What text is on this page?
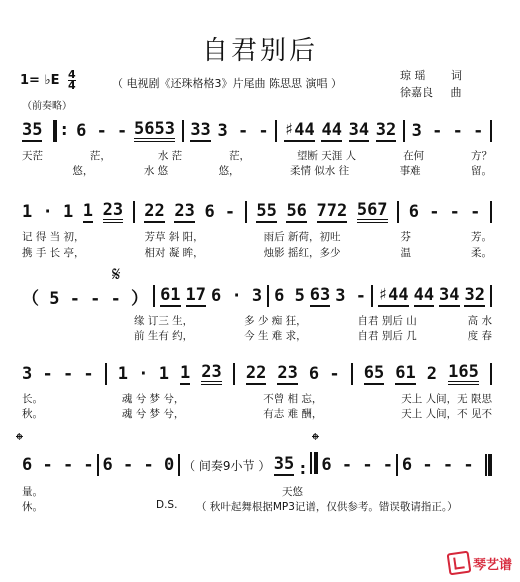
自君别后
1= ♭E $\frac{4}{4}$	（ 电视剧《还珠格格3》片尾曲 陈思思 演唱 ）
琼 瑶 词
徐嘉良 曲
（前奏略）
35 : 6 - - 5653 33 3 - - ♯44 44 34 32 3 - - -
天茫	茫，	水 茫	茫，	望断 天涯 人	在何	方？
悠，	水 悠	悠，	柔情 似水 往	事难	留。
1 · 1 1 23 22 23 6 - 55 56 772 567 6 - - -
记 得 当 初，	芳草 斜 阳，	雨后 新荷，初吐	芬	芳。
携 手 长 亭，	相对 凝 眸，	烛影 摇红，多少	温	柔。
𝄋
（ 5 - - - ） 61 17 6 · 3 6 5 63 3 - ♯44 44 34 32
缘 订三 生，	多 少 痴 狂，	自君 别后 山	高 水
前 生有 约，	今 生 难 求，	自君 别后 几	度 春
3 - - - 1 · 1 1 23 22 23 6 - 65 61 2 165
长。	魂 兮 梦 兮，	不曾 相 忘，	天上 人间，无 限思
秋。	魂 兮 梦 兮，	有志 难 酬，	天上 人间，不 见不
𝄌	𝄌
6 - - - 6 - - 0 （ 间奏9小节 ） 35 : 6 - - - 6 - - -
量。	天悠
休。	D.S. （ 秋叶起舞根据MP3记谱，仅供参考。错误敬请指正。）
琴艺谱
